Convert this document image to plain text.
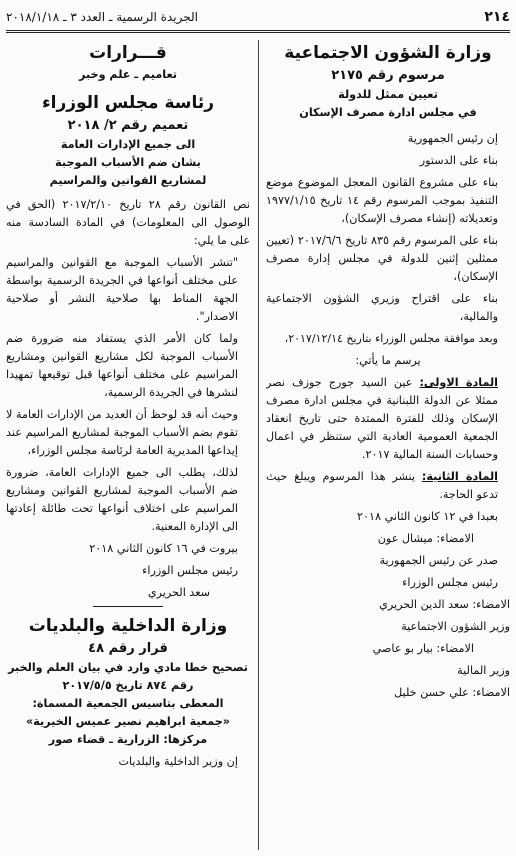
٢١٤
الجريدة الرسمية ـ العدد ٣ ـ ٢٠١٨/١/١٨
وزارة الشؤون الاجتماعية
مرسوم رقم ٢١٧٥
تعيين ممثل للدولة
في مجلس ادارة مصرف الإسكان

إن رئيس الجمهورية

بناء على الدستور

بناء على مشروع القانون المعجل الموضوع موضع التنفيذ بموجب المرسوم رقم ١٤ تاريخ ١٩٧٧/١/١٥ وتعديلاته (إنشاء مصرف الإسكان)،

بناء على المرسوم رقم ٨٣٥ تاريخ ٢٠١٧/٦/٦ (تعيين ممثلين إثنين للدولة في مجلس إدارة مصرف الإسكان)،

بناء على اقتراح وزيري الشؤون الاجتماعية والمالية،

وبعد موافقة مجلس الوزراء بتاريخ ٢٠١٧/١٢/١٤،

يرسم ما يأتي:

المادة الاولى: عين السيد جورج جوزف نصر ممثلا عن الدولة اللبنانية في مجلس ادارة مصرف الإسكان وذلك للفترة الممتدة حتى تاريخ انعقاد الجمعية العمومية العادية التي ستنظر في اعمال وحسابات السنة المالية ٢٠١٧.

المادة الثانية: ينشر هذا المرسوم ويبلغ حيث تدعو الحاجة.

بعبدا في ١٢ كانون الثاني ٢٠١٨

الامضاء: ميشال عون

صدر عن رئيس الجمهورية

رئيس مجلس الوزراء

الامضاء: سعد الدين الحريري

وزير الشؤون الاجتماعية

الامضاء: بيار بو عاصي

وزير المالية

الامضاء: علي حسن خليل

قـــرارات
تعاميم ـ علم وخبر
رئاسة مجلس الوزراء
تعميم رقم ٢/ ٢٠١٨
الى جميع الإدارات العامة
بشان ضم الأسباب الموجبة
لمشاريع القوانين والمراسيم

نص القانون رقم ٢٨ تاريخ ٢٠١٧/٢/١٠ (الحق في الوصول الى المعلومات) في المادة السادسة منه على ما يلي:

"تنشر الأسباب الموجبة مع القوانين والمراسيم على مختلف أنواعها في الجريدة الرسمية بواسطة الجهة المناط بها صلاحية النشر أو صلاحية الاصدار".

ولما كان الأمر الذي يستفاد منه ضرورة ضم الأسباب الموجبة لكل مشاريع القوانين ومشاريع المراسيم على مختلف أنواعها قبل توقيعها تمهيدا لنشرها في الجريدة الرسمية،

وحيث أنه قد لوحظ أن العديد من الإدارات العامة لا تقوم بضم الأسباب الموجبة لمشاريع المراسيم عند إيداعها المديرية العامة لرئاسة مجلس الوزراء،

لذلك، يطلب الى جميع الإدارات العامة، ضرورة ضم الأسباب الموجبة لمشاريع القوانين ومشاريع المراسيم على اختلاف أنواعها تحت طائلة إعادتها الى الإدارة المعنية.

بيروت في ١٦ كانون الثاني ٢٠١٨

رئيس مجلس الوزراء

سعد الحريري

وزارة الداخلية والبلديات
قرار رقم ٤٨
تصحيح خطا مادي وارد في بيان العلم والخبر
رقم ٨٧٤ تاريخ ٢٠١٧/٥/٥
المعطى بتاسيس الجمعية المسماة:
«جمعية ابراهيم نصير عميس الخيرية»
مركزها: الزرارية ـ قضاء صور

إن وزير الداخلية والبلديات
